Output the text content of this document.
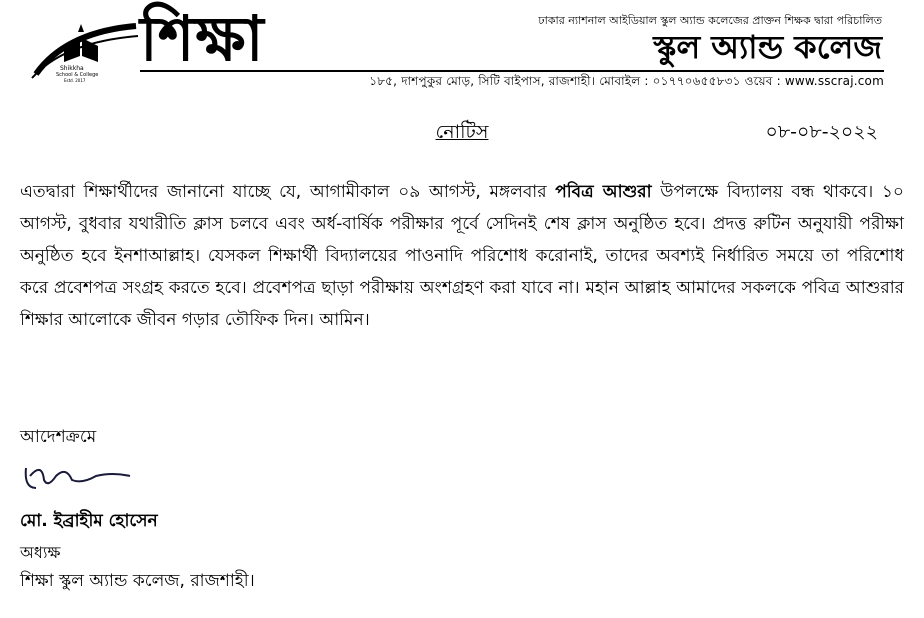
Shikkha
School & College
Estd. 2017
শিক্ষা	ঢাকার ন্যাশনাল আইডিয়াল স্কুল অ্যান্ড কলেজের প্রাক্তন শিক্ষক দ্বারা পরিচালিত
স্কুল অ্যান্ড কলেজ
১৮৫, দাশপুকুর মোড়, সিটি বাইপাস, রাজশাহী। মোবাইল : ০১৭৭০৬৫৫৮৩১ ওয়েব : www.sscraj.com
নোটিস	০৮-০৮-২০২২
এতদ্বারা শিক্ষার্থীদের জানানো যাচ্ছে যে, আগামীকাল ০৯ আগস্ট, মঙ্গলবার পবিত্র আশুরা উপলক্ষে বিদ্যালয় বন্ধ থাকবে। ১০ আগস্ট, বুধবার যথারীতি ক্লাস চলবে এবং অর্ধ-বার্ষিক পরীক্ষার পূর্বে সেদিনই শেষ ক্লাস অনুষ্ঠিত হবে। প্রদত্ত রুটিন অনুযায়ী পরীক্ষা অনুষ্ঠিত হবে ইনশাআল্লাহ। যেসকল শিক্ষার্থী বিদ্যালয়ের পাওনাদি পরিশোধ করোনাই, তাদের অবশ্যই নির্ধারিত সময়ে তা পরিশোধ করে প্রবেশপত্র সংগ্রহ করতে হবে। প্রবেশপত্র ছাড়া পরীক্ষায় অংশগ্রহণ করা যাবে না। মহান আল্লাহ আমাদের সকলকে পবিত্র আশুরার শিক্ষার আলোকে জীবন গড়ার তৌফিক দিন। আমিন।
আদেশক্রমে
মো. ইব্রাহীম হোসেন
অধ্যক্ষ
শিক্ষা স্কুল অ্যান্ড কলেজ, রাজশাহী।
